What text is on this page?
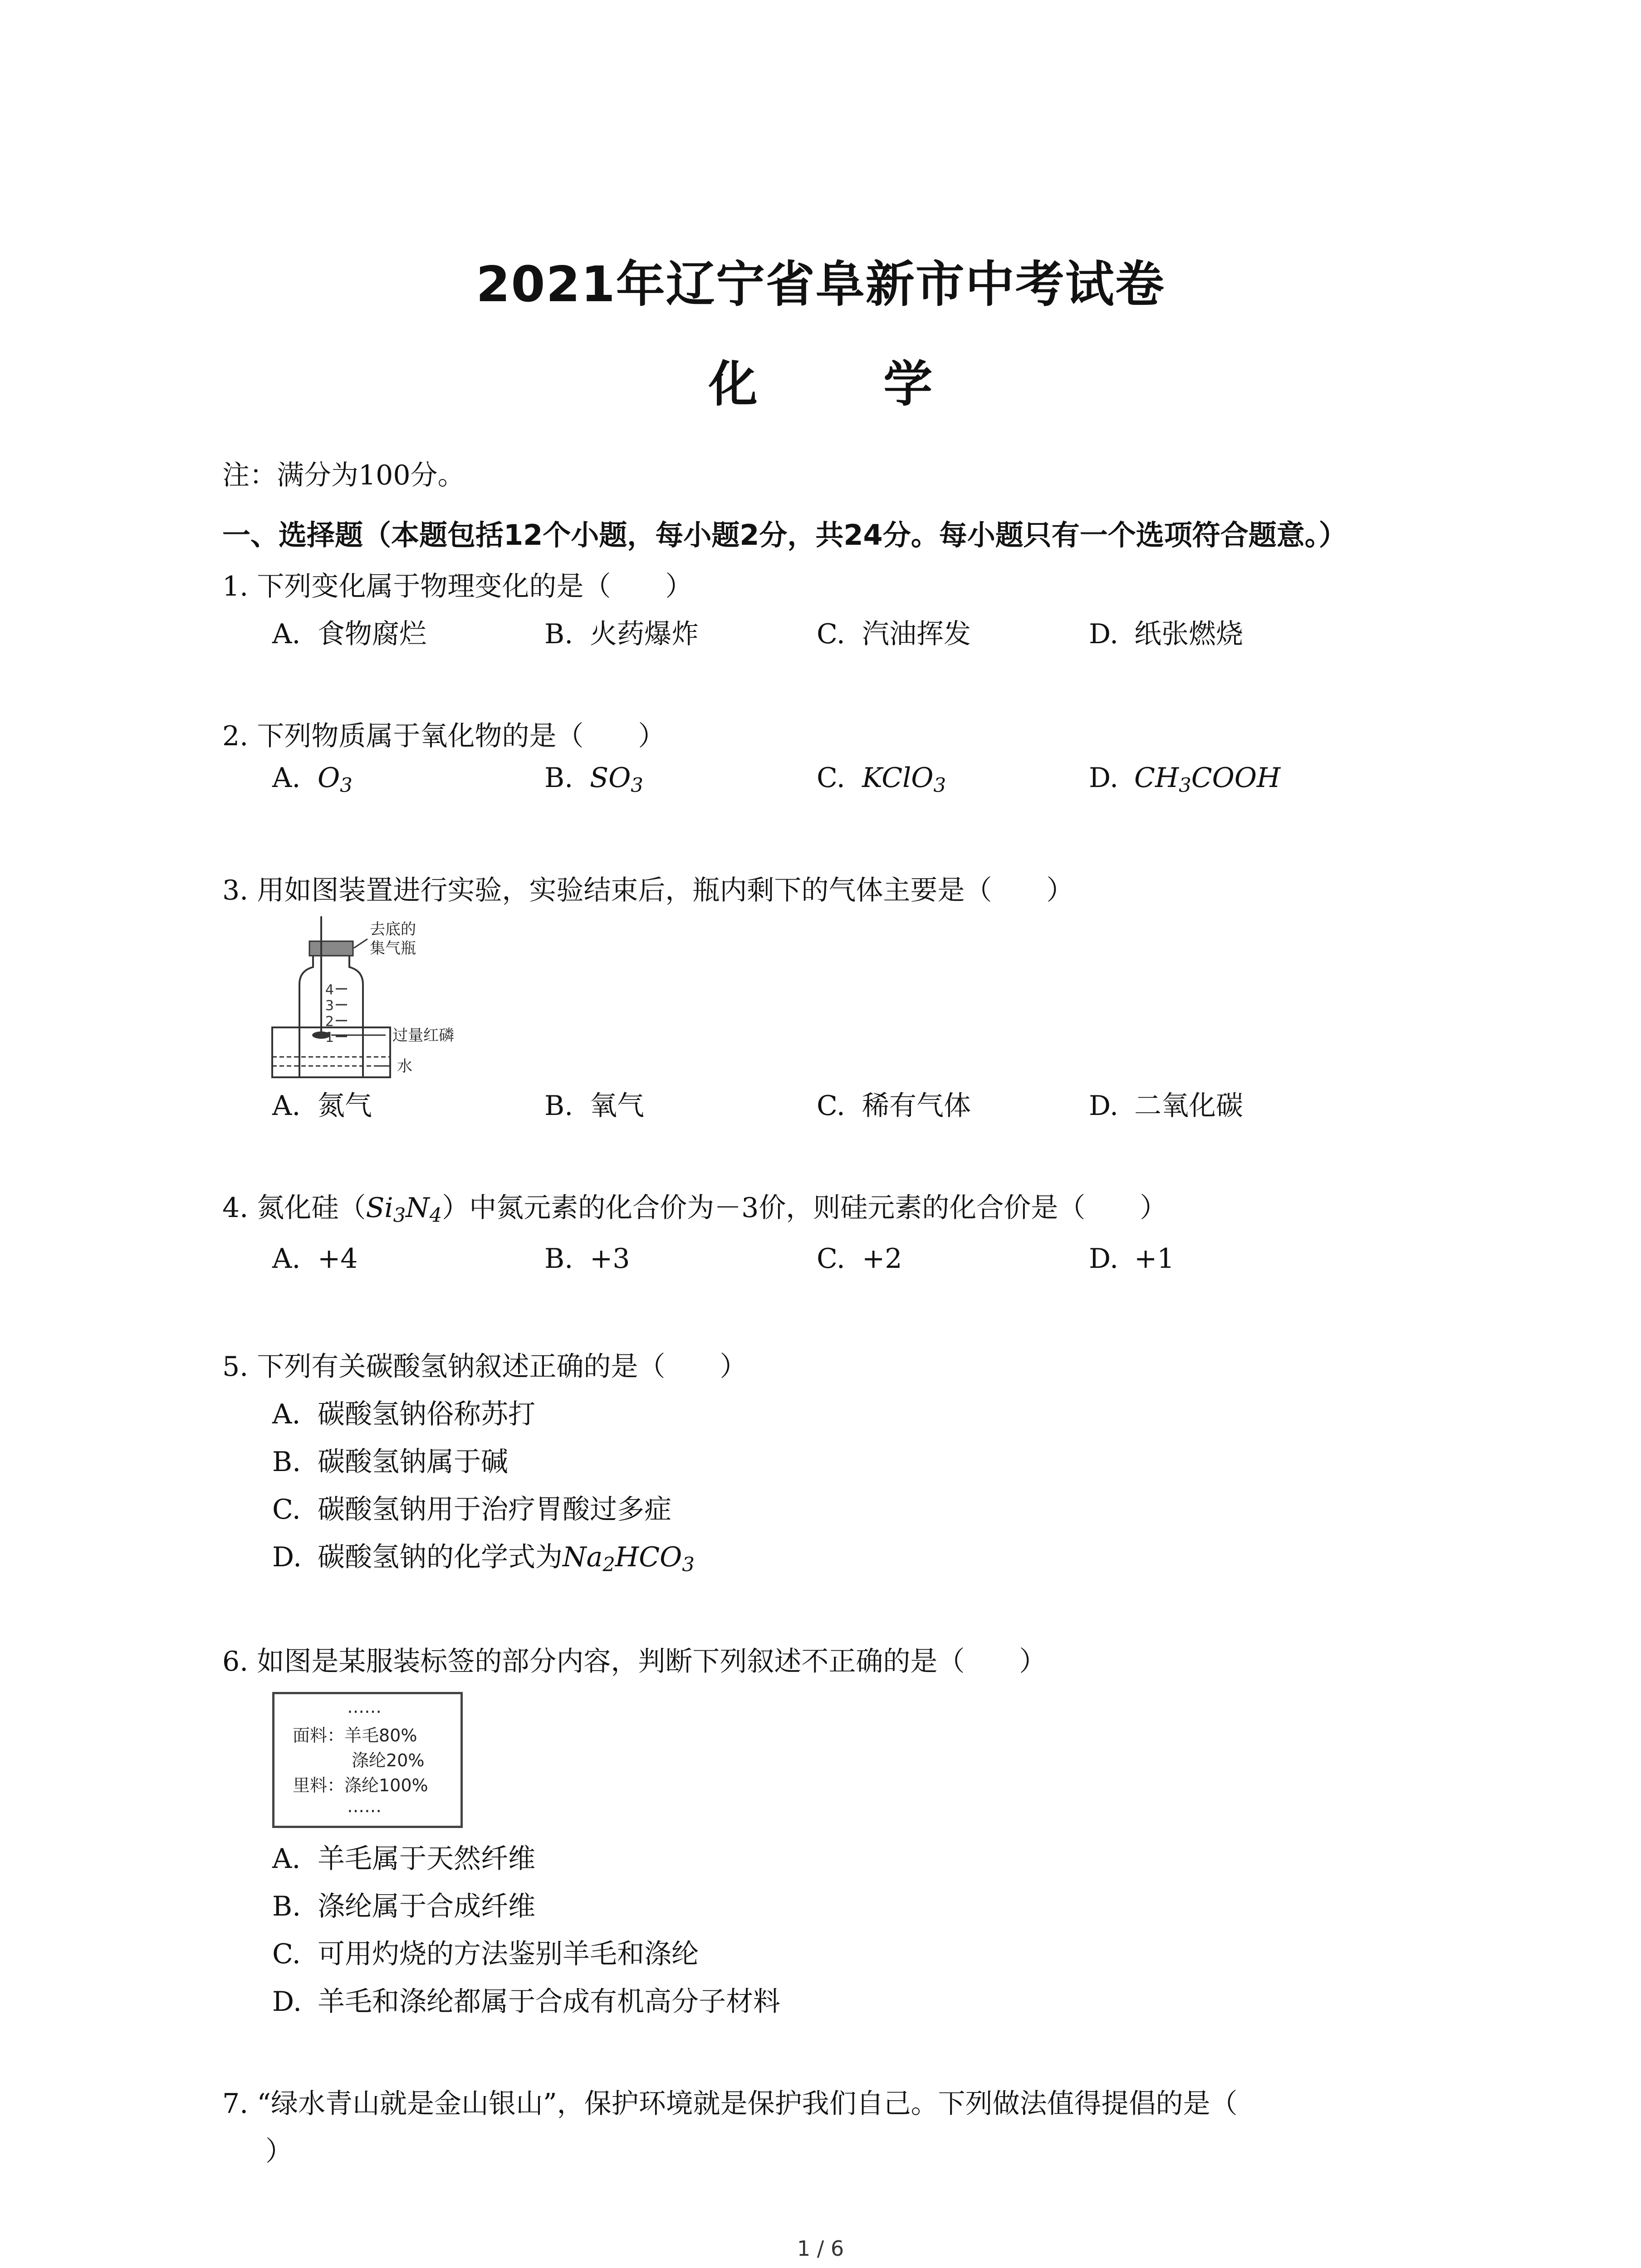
2021年辽宁省阜新市中考试卷
化 学
注：满分为100分。
一、选择题（本题包括12个小题，每小题2分，共24分。每小题只有一个选项符合题意。）
1. 下列变化属于物理变化的是（　　）
A. 食物腐烂	B. 火药爆炸	C. 汽油挥发	D. 纸张燃烧
2. 下列物质属于氧化物的是（　　）
A. $O_3$	B. $SO_3$	C. KClO$_3$	D. $CH_3COOH$
3. 用如图装置进行实验，实验结束后，瓶内剩下的气体主要是（　　）
4
3
2
1
去底的
集气瓶
过量红磷
水
A. 氮气	B. 氧气	C. 稀有气体	D. 二氧化碳
4. 氮化硅$(Si_3N_4)$中氮元素的化合价为－3价，则硅元素的化合价是（　　）
A. +4	B. +3	C. +2	D. +1
5. 下列有关碳酸氢钠叙述正确的是（　　）
A. 碳酸氢钠俗称苏打
B. 碳酸氢钠属于碱
C. 碳酸氢钠用于治疗胃酸过多症
D. 碳酸氢钠的化学式为$Na_2HCO_3$
6. 如图是某服装标签的部分内容，判断下列叙述不正确的是（　　）
……
面料：羊毛80%
涤纶20%
里料：涤纶100%
……
A. 羊毛属于天然纤维
B. 涤纶属于合成纤维
C. 可用灼烧的方法鉴别羊毛和涤纶
D. 羊毛和涤纶都属于合成有机高分子材料
7. “绿水青山就是金山银山”，保护环境就是保护我们自己。下列做法值得提倡的是（
）
1 / 6
